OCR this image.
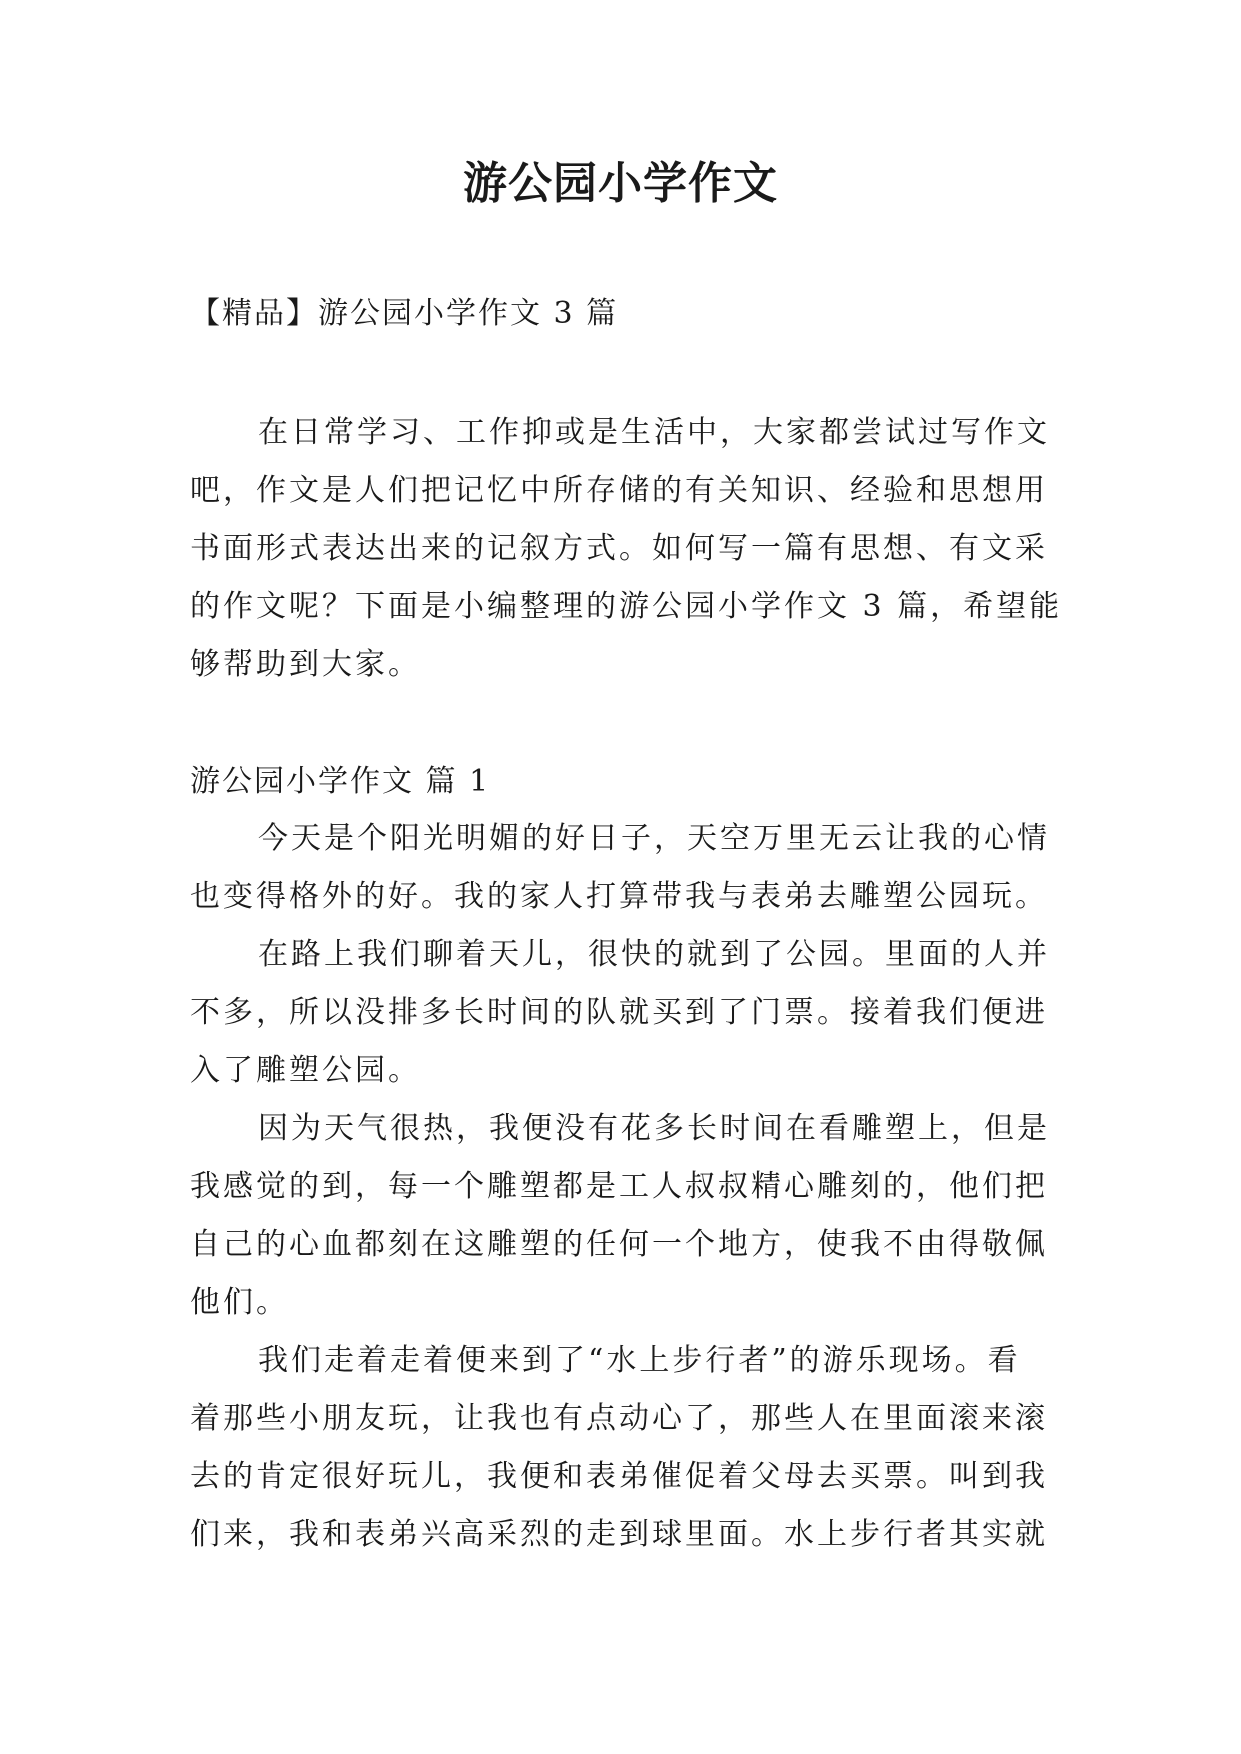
游公园小学作文
【精品】游公园小学作文 3 篇
在日常学习、工作抑或是生活中，大家都尝试过写作文
吧，作文是人们把记忆中所存储的有关知识、经验和思想用
书面形式表达出来的记叙方式。如何写一篇有思想、有文采
的作文呢？下面是小编整理的游公园小学作文 3 篇，希望能
够帮助到大家。
游公园小学作文 篇 1
今天是个阳光明媚的好日子，天空万里无云让我的心情
也变得格外的好。我的家人打算带我与表弟去雕塑公园玩。
在路上我们聊着天儿，很快的就到了公园。里面的人并
不多，所以没排多长时间的队就买到了门票。接着我们便进
入了雕塑公园。
因为天气很热，我便没有花多长时间在看雕塑上，但是
我感觉的到，每一个雕塑都是工人叔叔精心雕刻的，他们把
自己的心血都刻在这雕塑的任何一个地方，使我不由得敬佩
他们。
我们走着走着便来到了“水上步行者”的游乐现场。看
着那些小朋友玩，让我也有点动心了，那些人在里面滚来滚
去的肯定很好玩儿，我便和表弟催促着父母去买票。叫到我
们来，我和表弟兴高采烈的走到球里面。水上步行者其实就
